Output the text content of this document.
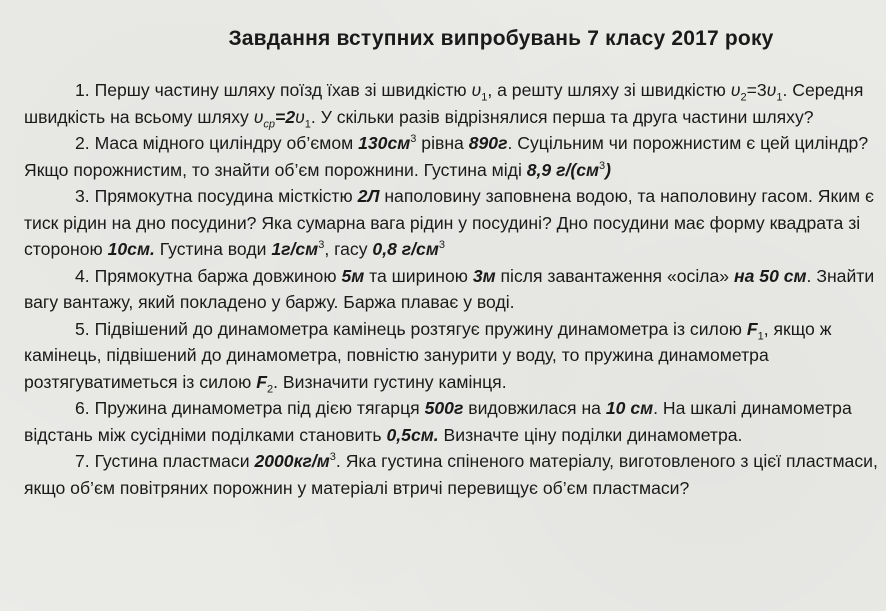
Завдання вступних випробувань 7 класу 2017 року

1. Першу частину шляху поїзд їхав зі швидкістю $\upsilon_1$, а решту шляху зі швидкістю $\upsilon_2=3\upsilon_1$. Середня швидкість на всьому шляху $\upsilon_{ср}=2\upsilon_1$. У скільки разів відрізнялися перша та друга частини шляху?

2. Маса мідного циліндру об’ємом $130см^3$ рівна 890г. Суцільним чи порожнистим є цей циліндр? Якщо порожнистим, то знайти об’єм порожнини. Густина міді 8,9 $г/(см^3)$

3. Прямокутна посудина місткістю 2Л наполовину заповнена водою, та наполовину гасом. Яким є тиск рідин на дно посудини? Яка сумарна вага рідин у посудині? Дно посудини має форму квадрата зі стороною 10см. Густина води $1г/см^3$, гасу 0,8 $г/см^3$

4. Прямокутна баржа довжиною 5м та шириною 3м після завантаження «осіла» на 50 см. Знайти вагу вантажу, який покладено у баржу. Баржа плаває у воді.

5. Підвішений до динамометра камінець розтягує пружину динамометра із силою $F_1$, якщо ж камінець, підвішений до динамометра, повністю занурити у воду, то пружина динамометра розтягуватиметься із силою $F_2$. Визначити густину камінця.

6. Пружина динамометра під дією тягарця 500г видовжилася на 10 см. На шкалі динамометра відстань між сусідніми поділками становить 0,5см. Визначте ціну поділки динамометра.

7. Густина пластмаси $2000кг/м^3$. Яка густина спіненого матеріалу, виготовленого з цієї пластмаси, якщо об’єм повітряних порожнин у матеріалі втричі перевищує об’єм пластмаси?
